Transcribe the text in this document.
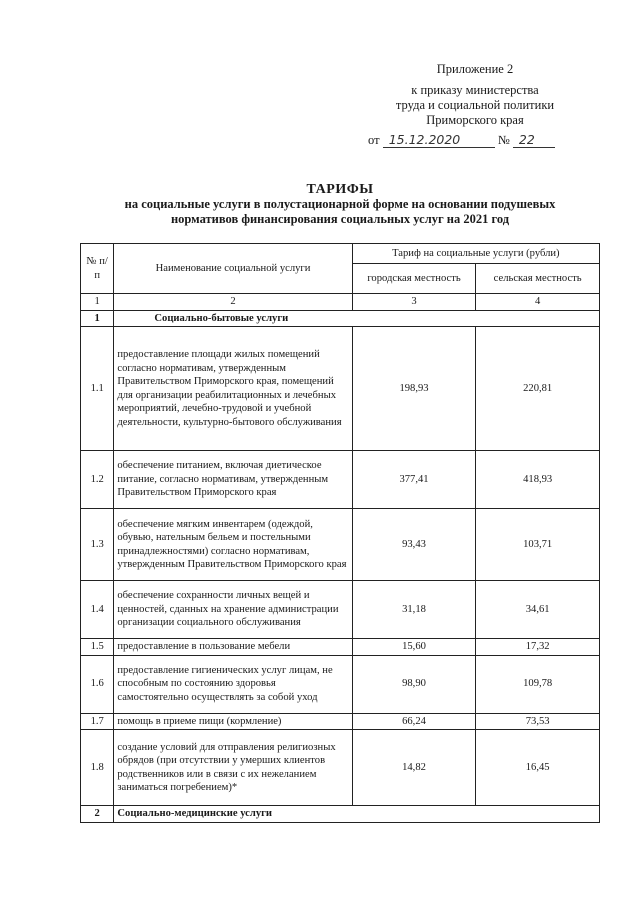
Приложение 2
к приказу министерства
труда и социальной политики
Приморского края
от 15.12.2020	№ 22
ТАРИФЫ
на социальные услуги в полустационарной форме на основании подушевых
нормативов финансирования социальных услуг на 2021 год
№ п/п	Наименование социальной услуги	Тариф на социальные услуги (рубли)	
		городская местность	сельская местность
1	2	3	4
1	Социально-бытовые услуги		
1.1	предоставление площади жилых помещений согласно нормативам, утвержденным Правительством Приморского края, помещений для организации реабилитационных и лечебных мероприятий, лечебно-трудовой и учебной деятельности, культурно-бытового обслуживания	198,93	220,81
1.2	обеспечение питанием, включая диетическое питание, согласно нормативам, утвержденным Правительством Приморского края	377,41	418,93
1.3	обеспечение мягким инвентарем (одеждой, обувью, нательным бельем и постельными принадлежностями) согласно нормативам, утвержденным Правительством Приморского края	93,43	103,71
1.4	обеспечение сохранности личных вещей и ценностей, сданных на хранение администрации организации социального обслуживания	31,18	34,61
1.5	предоставление в пользование мебели	15,60	17,32
1.6	предоставление гигиенических услуг лицам, не способным по состоянию здоровья самостоятельно осуществлять за собой уход	98,90	109,78
1.7	помощь в приеме пищи (кормление)	66,24	73,53
1.8	создание условий для отправления религиозных обрядов (при отсутствии у умерших клиентов родственников или в связи с их нежеланием заниматься погребением)*	14,82	16,45
2	Социально-медицинские услуги		
